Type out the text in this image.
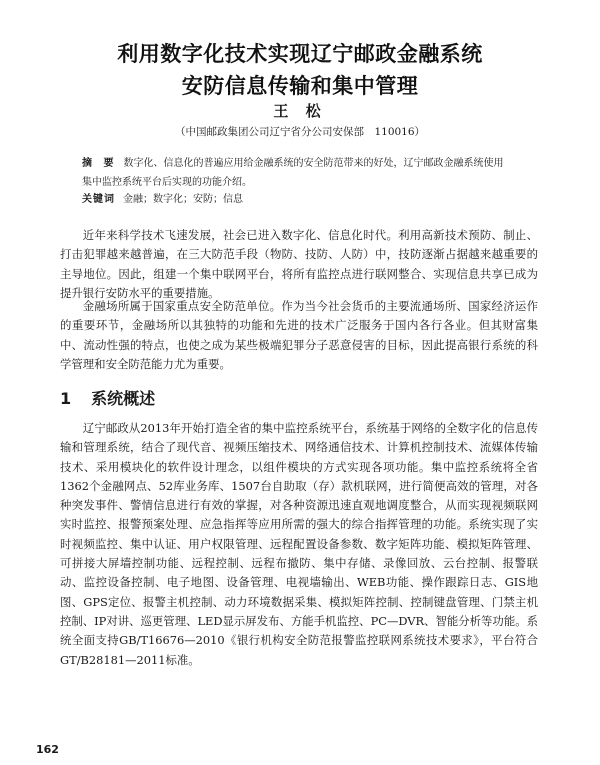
利用数字化技术实现辽宁邮政金融系统
安防信息传输和集中管理
王 松
（中国邮政集团公司辽宁省分公司安保部　110016）
摘 要 数字化、信息化的普遍应用给金融系统的安全防范带来的好处，辽宁邮政金融系统使用集中监控系统平台后实现的功能介绍。
关键词 金融；数字化；安防；信息
近年来科学技术飞速发展，社会已进入数字化、信息化时代。利用高新技术预防、制止、打击犯罪越来越普遍，在三大防范手段（物防、技防、人防）中，技防逐渐占据越来越重要的主导地位。因此，组建一个集中联网平台，将所有监控点进行联网整合、实现信息共享已成为提升银行安防水平的重要措施。
金融场所属于国家重点安全防范单位。作为当今社会货币的主要流通场所、国家经济运作的重要环节，金融场所以其独特的功能和先进的技术广泛服务于国内各行各业。但其财富集中、流动性强的特点，也使之成为某些极端犯罪分子恶意侵害的目标，因此提高银行系统的科学管理和安全防范能力尤为重要。
1 系统概述
辽宁邮政从2013年开始打造全省的集中监控系统平台，系统基于网络的全数字化的信息传输和管理系统，结合了现代音、视频压缩技术、网络通信技术、计算机控制技术、流媒体传输技术、采用模块化的软件设计理念，以组件模块的方式实现各项功能。集中监控系统将全省1362个金融网点、52库业务库、1507台自助取（存）款机联网，进行简便高效的管理，对各种突发事件、警情信息进行有效的掌握，对各种资源迅速直观地调度整合，从而实现视频联网实时监控、报警预案处理、应急指挥等应用所需的强大的综合指挥管理的功能。系统实现了实时视频监控、集中认证、用户权限管理、远程配置设备参数、数字矩阵功能、模拟矩阵管理、可拼接大屏墙控制功能、远程控制、远程布撤防、集中存储、录像回放、云台控制、报警联动、监控设备控制、电子地图、设备管理、电视墙输出、WEB功能、操作跟踪日志、GIS地图、GPS定位、报警主机控制、动力环境数据采集、模拟矩阵控制、控制键盘管理、门禁主机控制、IP对讲、巡更管理、LED显示屏发布、方能手机监控、PC—DVR、智能分析等功能。系统全面支持GB/T16676—2010《银行机构安全防范报警监控联网系统技术要求》，平台符合GT/B28181—2011标准。
162
